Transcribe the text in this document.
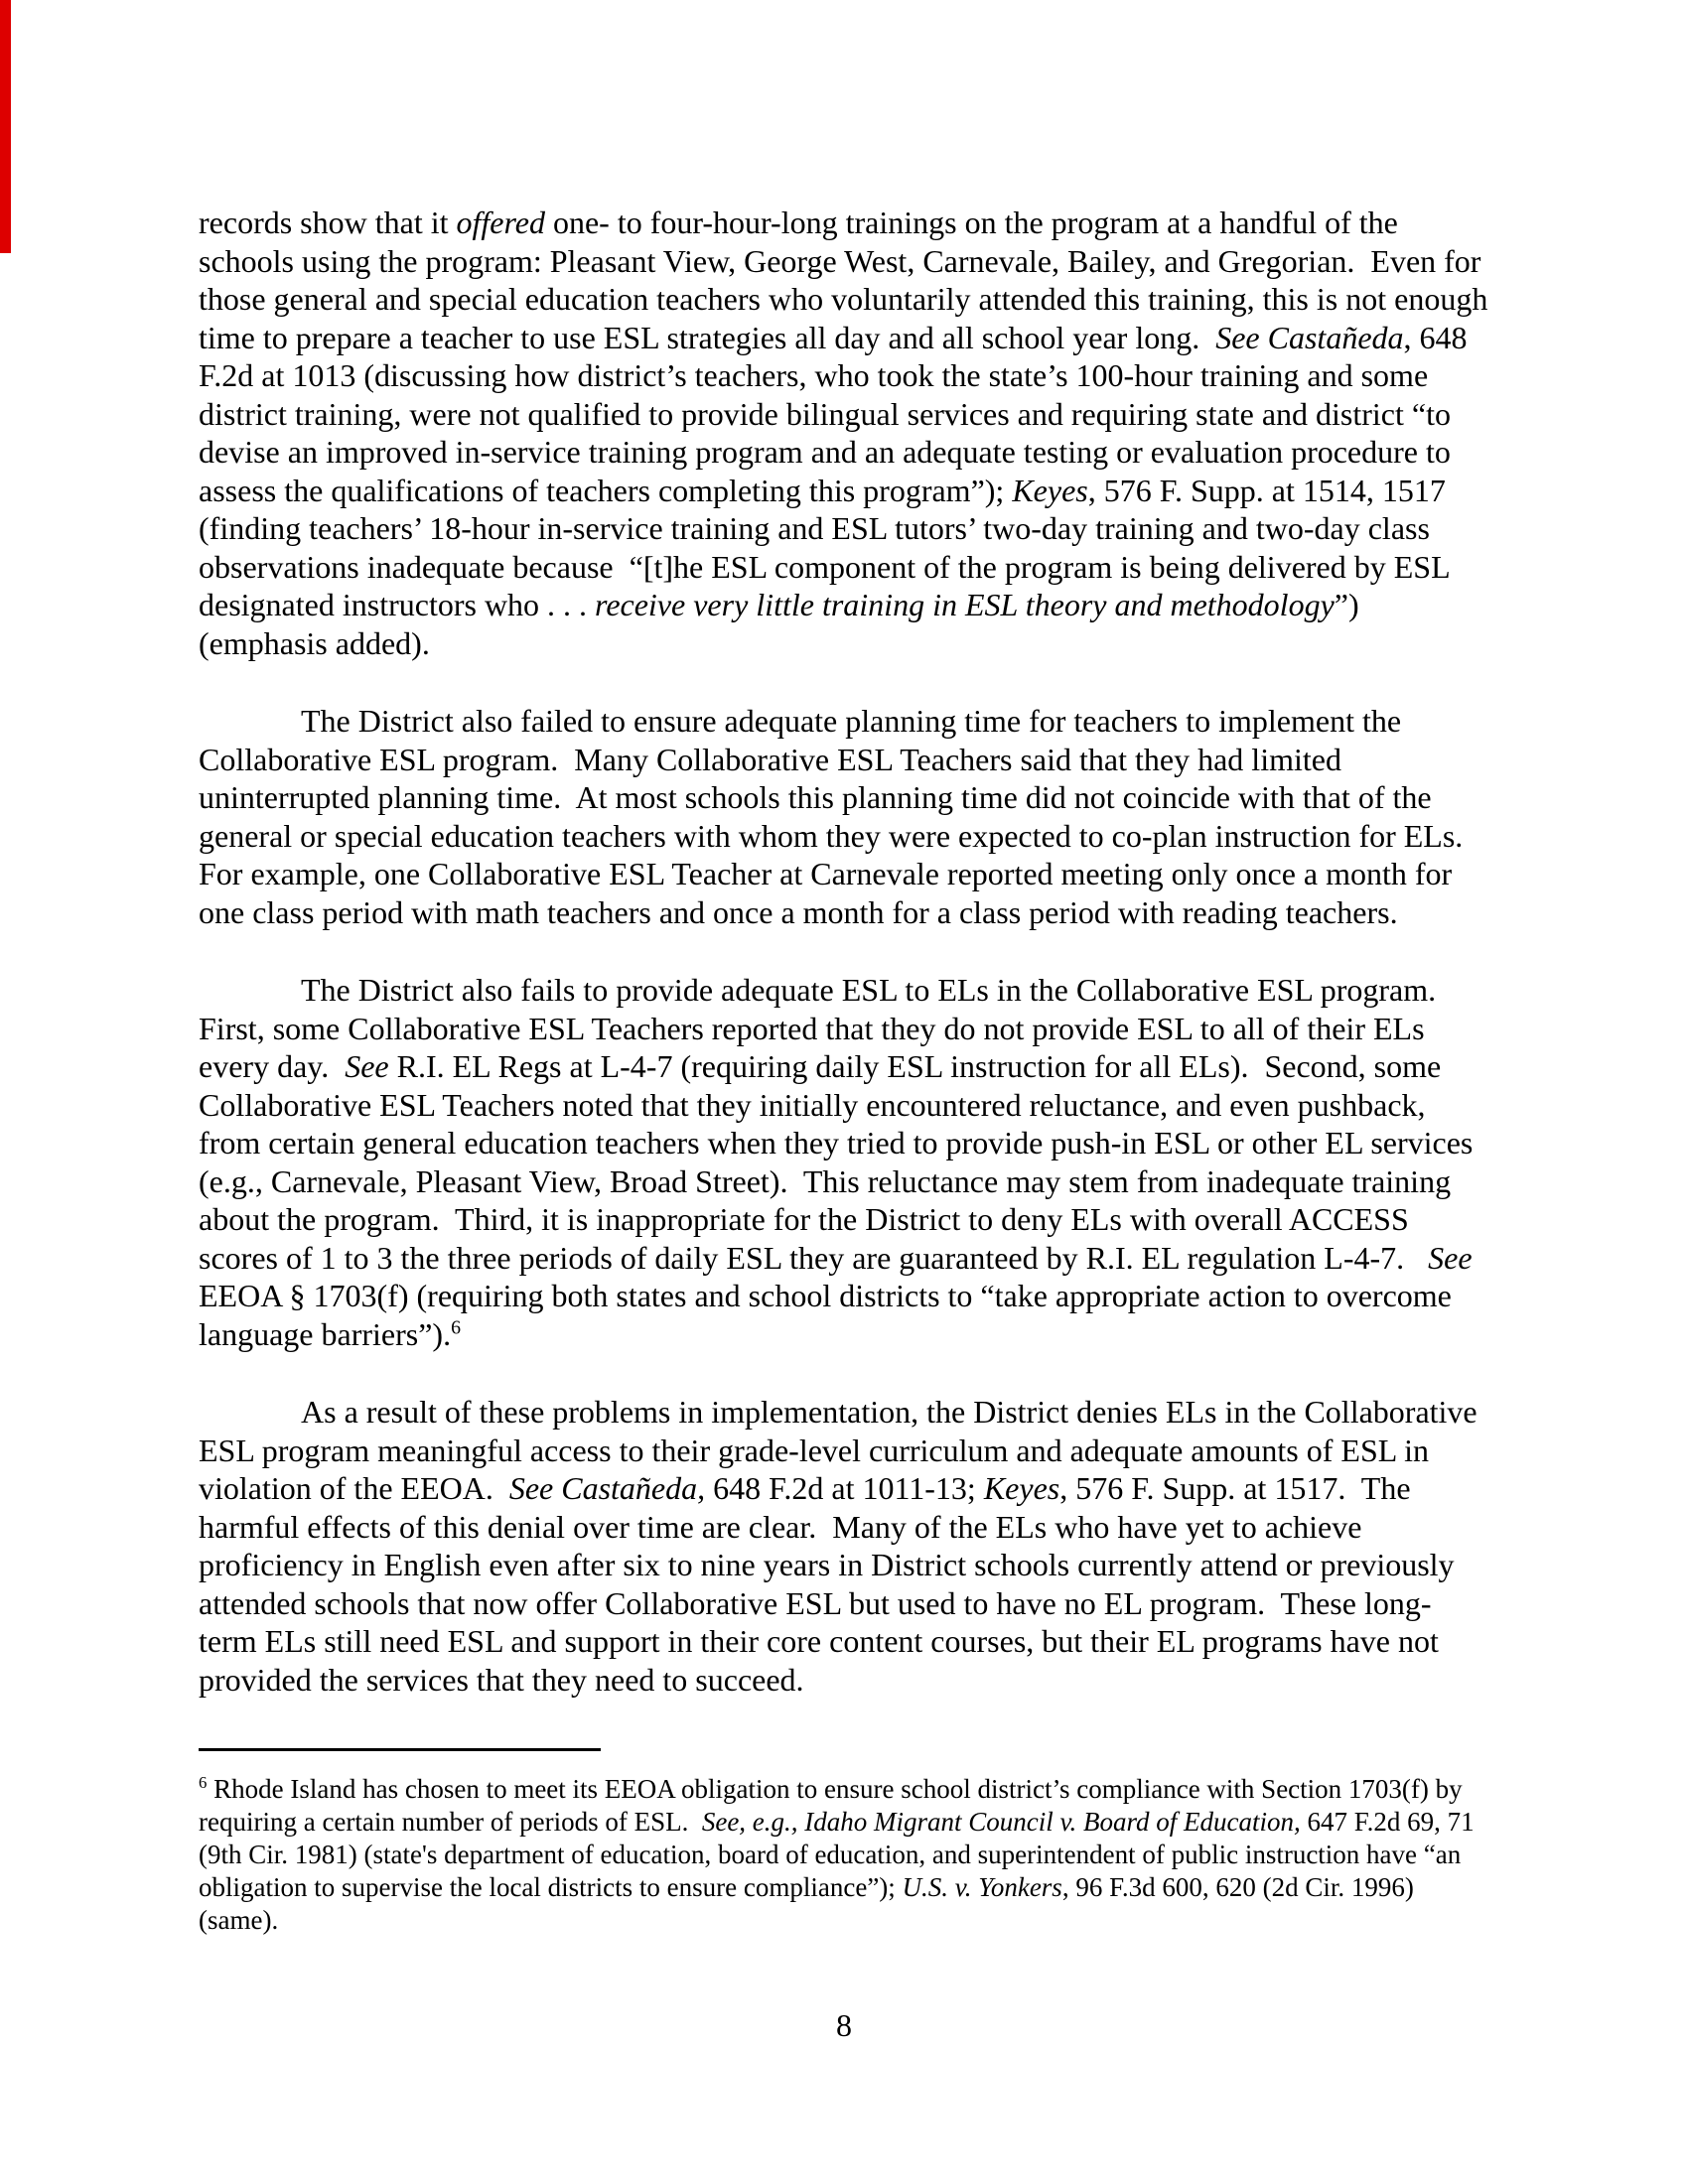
records show that it offered one- to four-hour-long trainings on the program at a handful of the schools using the program: Pleasant View, George West, Carnevale, Bailey, and Gregorian.  Even for those general and special education teachers who voluntarily attended this training, this is not enough time to prepare a teacher to use ESL strategies all day and all school year long.  See Castañeda, 648 F.2d at 1013 (discussing how district’s teachers, who took the state’s 100-hour training and some district training, were not qualified to provide bilingual services and requiring state and district “to devise an improved in-service training program and an adequate testing or evaluation procedure to assess the qualifications of teachers completing this program”); Keyes, 576 F. Supp. at 1514, 1517 (finding teachers’ 18-hour in-service training and ESL tutors’ two-day training and two-day class observations inadequate because  “[t]he ESL component of the program is being delivered by ESL designated instructors who . . . receive very little training in ESL theory and methodology”) (emphasis added).

The District also failed to ensure adequate planning time for teachers to implement the Collaborative ESL program.  Many Collaborative ESL Teachers said that they had limited uninterrupted planning time.  At most schools this planning time did not coincide with that of the general or special education teachers with whom they were expected to co-plan instruction for ELs.  For example, one Collaborative ESL Teacher at Carnevale reported meeting only once a month for one class period with math teachers and once a month for a class period with reading teachers.

The District also fails to provide adequate ESL to ELs in the Collaborative ESL program.  First, some Collaborative ESL Teachers reported that they do not provide ESL to all of their ELs every day.  See R.I. EL Regs at L-4-7 (requiring daily ESL instruction for all ELs).  Second, some Collaborative ESL Teachers noted that they initially encountered reluctance, and even pushback, from certain general education teachers when they tried to provide push-in ESL or other EL services (e.g., Carnevale, Pleasant View, Broad Street).  This reluctance may stem from inadequate training about the program.  Third, it is inappropriate for the District to deny ELs with overall ACCESS scores of 1 to 3 the three periods of daily ESL they are guaranteed by R.I. EL regulation L-4-7.   See EEOA § 1703(f) (requiring both states and school districts to “take appropriate action to overcome language barriers”).$^6$

As a result of these problems in implementation, the District denies ELs in the Collaborative ESL program meaningful access to their grade-level curriculum and adequate amounts of ESL in violation of the EEOA.  See Castañeda, 648 F.2d at 1011-13; Keyes, 576 F. Supp. at 1517.  The harmful effects of this denial over time are clear.  Many of the ELs who have yet to achieve proficiency in English even after six to nine years in District schools currently attend or previously attended schools that now offer Collaborative ESL but used to have no EL program.  These long-term ELs still need ESL and support in their core content courses, but their EL programs have not provided the services that they need to succeed.

$^6$ Rhode Island has chosen to meet its EEOA obligation to ensure school district’s compliance with Section 1703(f) by requiring a certain number of periods of ESL.  See, e.g., Idaho Migrant Council v. Board of Education, 647 F.2d 69, 71 (9th Cir. 1981) (state's department of education, board of education, and superintendent of public instruction have “an obligation to supervise the local districts to ensure compliance”); U.S. v. Yonkers, 96 F.3d 600, 620 (2d Cir. 1996) (same).
8
